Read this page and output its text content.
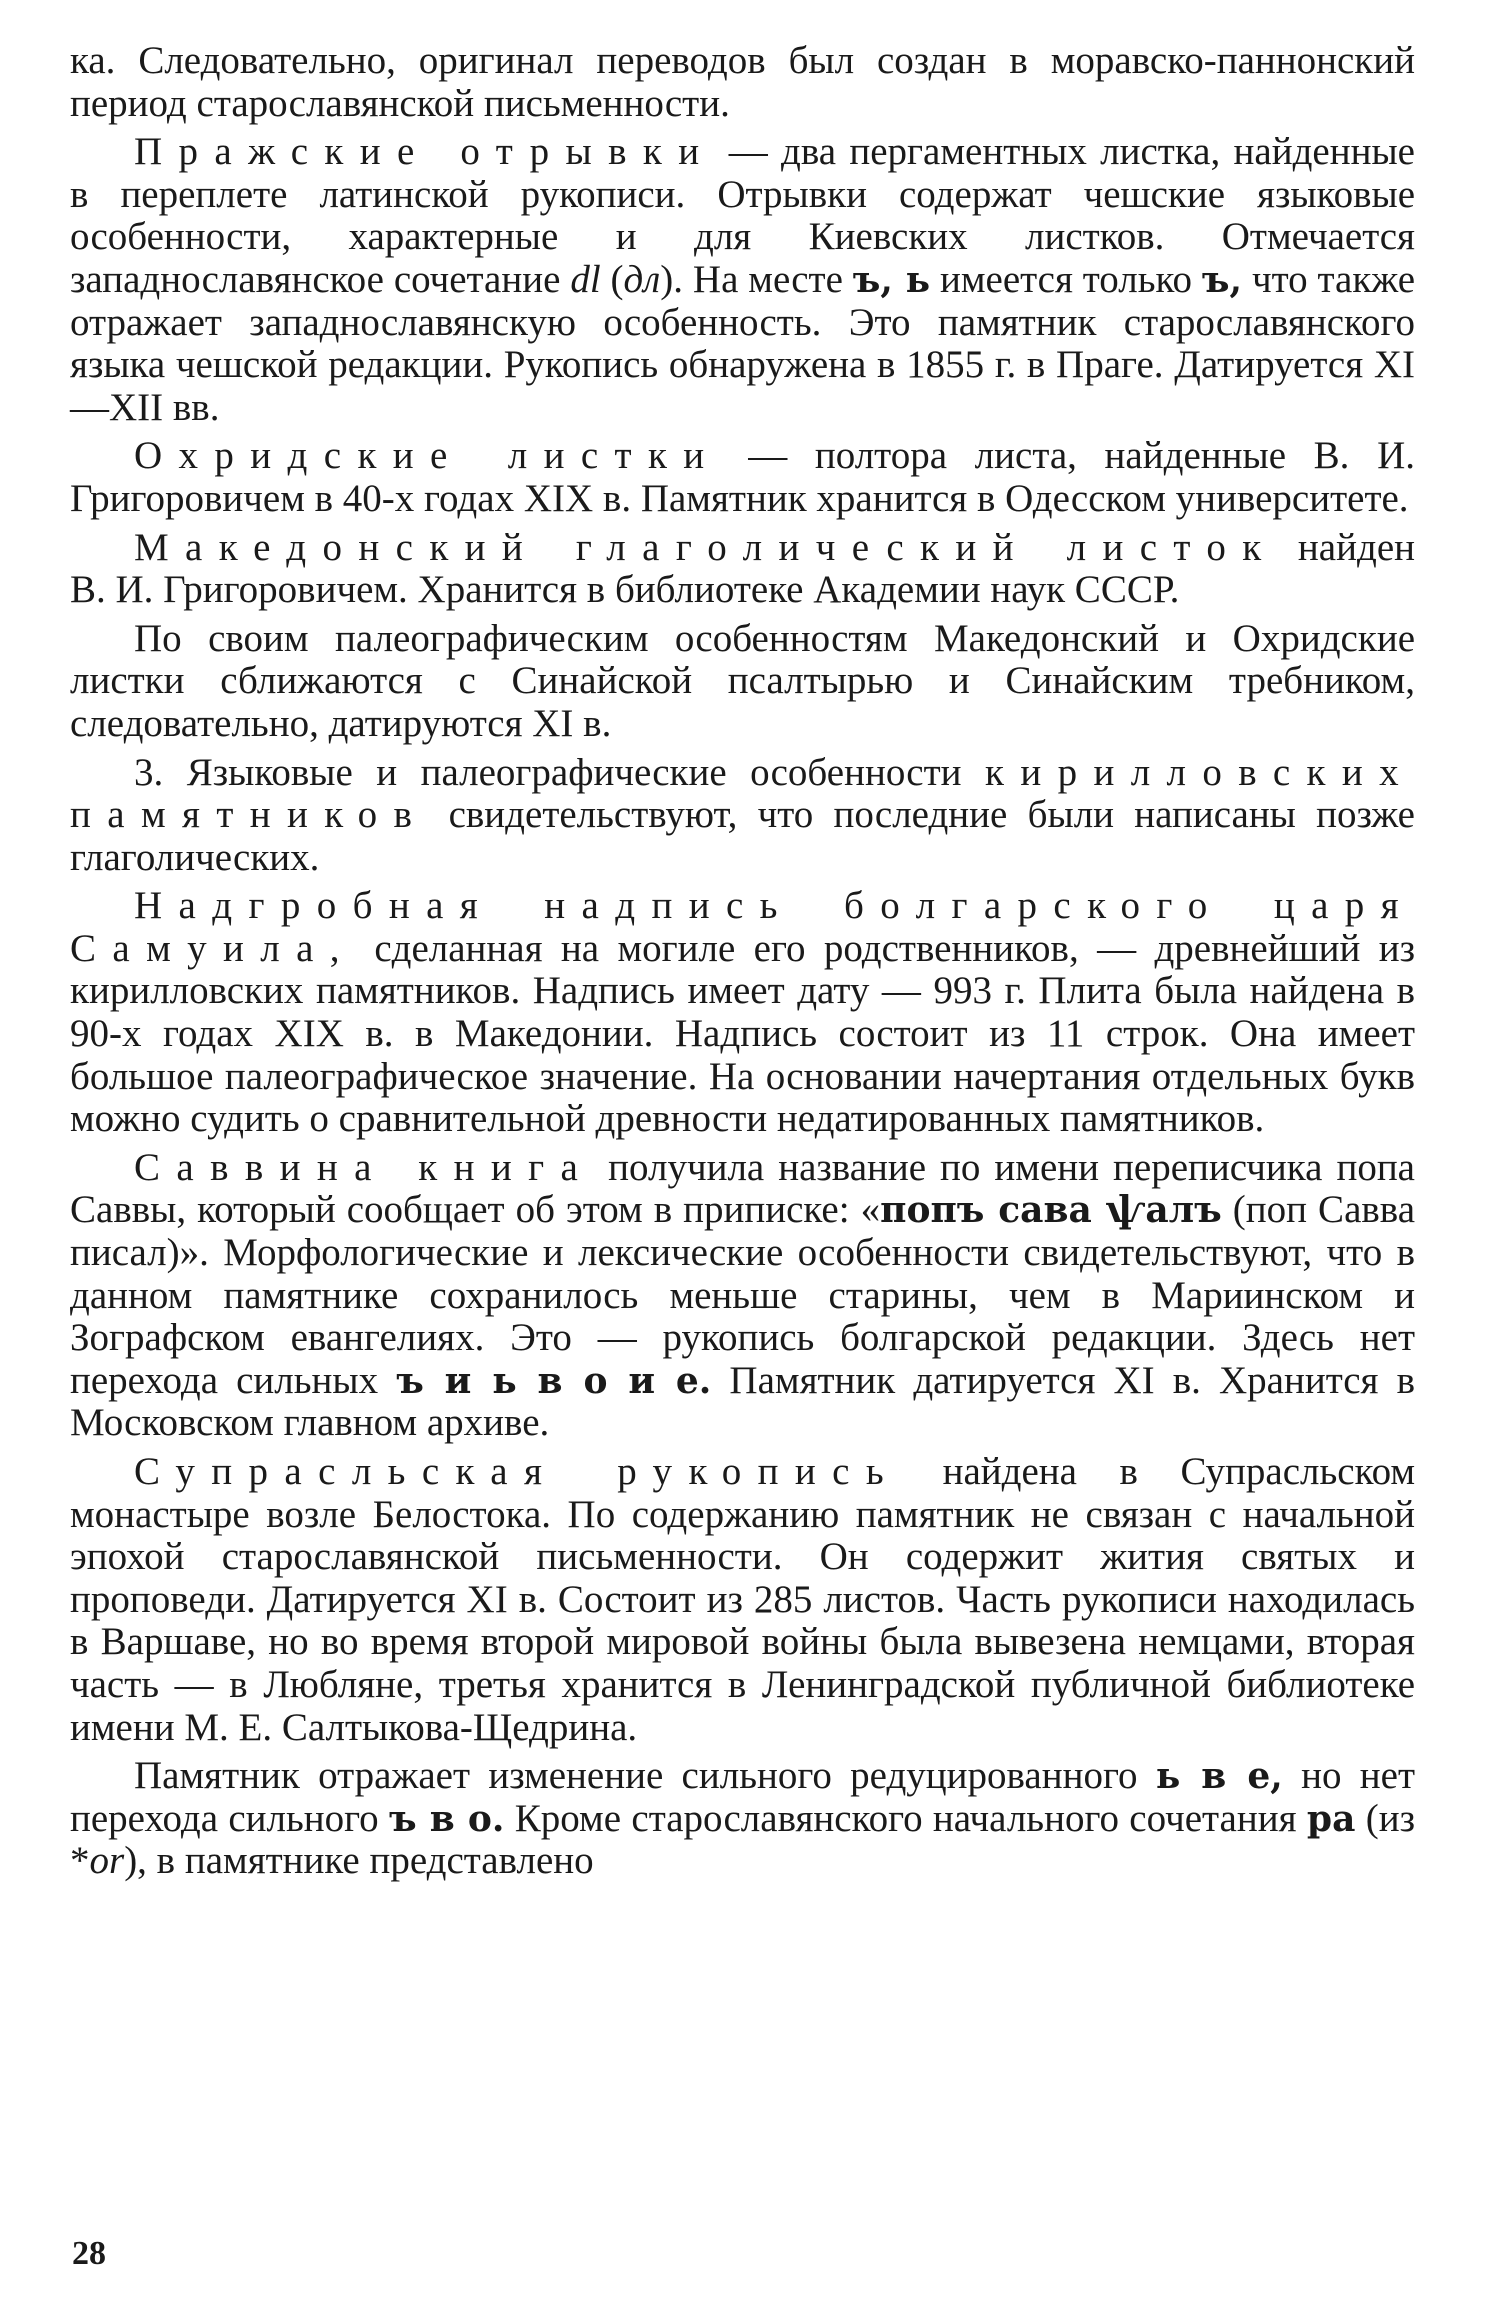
ка. Следовательно, оригинал переводов был создан в моравско-паннонский период старославянской письменности.

Пражские отрывки — два пергаментных листка, найденные в переплете латинской рукописи. Отрывки содержат чешские языковые особенности, характерные и для Киевских листков. Отмечается западнославянское сочетание dl (дл). На месте ъ, ь имеется только ъ, что также отражает западнославянскую особенность. Это памятник старославянского языка чешской редакции. Рукопись обнаружена в 1855 г. в Праге. Датируется XI—XII вв.

Охридские листки — полтора листа, найденные В. И. Григоровичем в 40-х годах XIX в. Памятник хранится в Одесском университете.

Македонский глаголический листок найден В. И. Григоровичем. Хранится в библиотеке Академии наук СССР.

По своим палеографическим особенностям Македонский и Охридские листки сближаются с Синайской псалтырью и Синайским требником, следовательно, датируются XI в.

3. Языковые и палеографические особенности кирилловских памятников свидетельствуют, что последние были написаны позже глаголических.

Надгробная надпись болгарского царя Самуила, сделанная на могиле его родственников, — древнейший из кирилловских памятников. Надпись имеет дату — 993 г. Плита была найдена в 90-х годах XIX в. в Македонии. Надпись состоит из 11 строк. Она имеет большое палеографическое значение. На основании начертания отдельных букв можно судить о сравнительной древности недатированных памятников.

Саввина книга получила название по имени переписчика попа Саввы, который сообщает об этом в приписке: «попъ сава ѱалъ (поп Савва писал)». Морфологические и лексические особенности свидетельствуют, что в данном памятнике сохранилось меньше старины, чем в Мариинском и Зографском евангелиях. Это — рукопись болгарской редакции. Здесь нет перехода сильных ъ и ь в о и е. Памятник датируется XI в. Хранится в Московском главном архиве.

Супрасльская рукопись найдена в Супрасльском монастыре возле Белостока. По содержанию памятник не связан с начальной эпохой старославянской письменности. Он содержит жития святых и проповеди. Датируется XI в. Состоит из 285 листов. Часть рукописи находилась в Варшаве, но во время второй мировой войны была вывезена немцами, вторая часть — в Любляне, третья хранится в Ленинградской публичной библиотеке имени М. Е. Салтыкова-Щедрина.

Памятник отражает изменение сильного редуцированного ь в е, но нет перехода сильного ъ в о. Кроме старославянского начального сочетания ра (из *or), в памятнике представлено

28
